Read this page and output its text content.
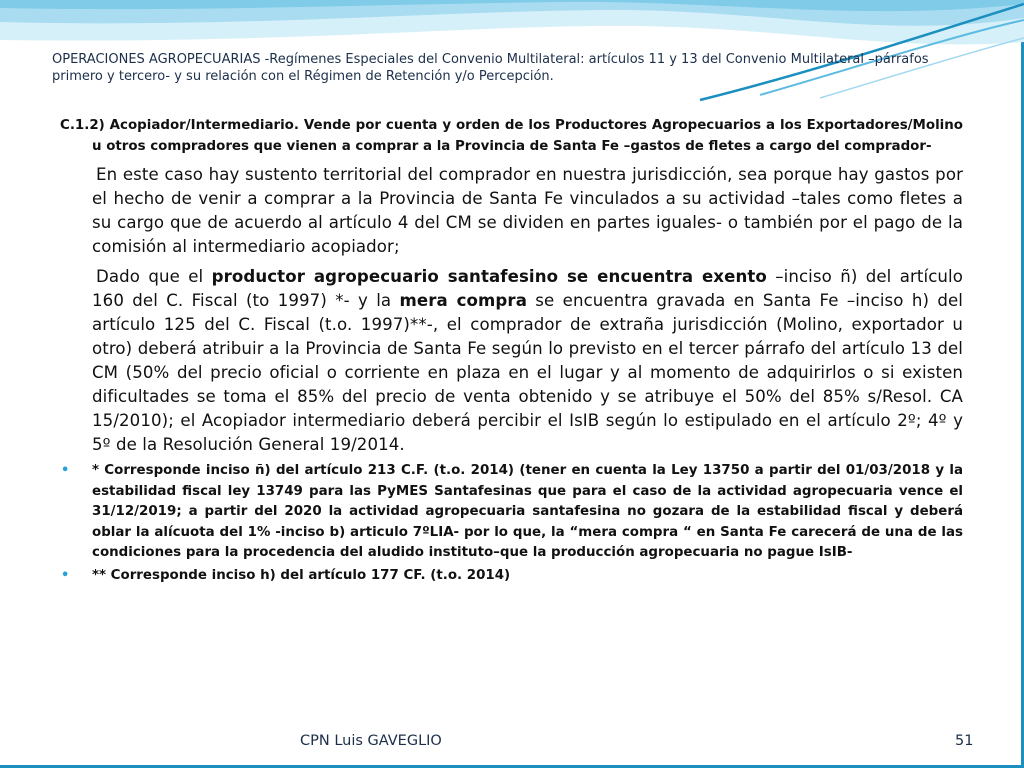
OPERACIONES AGROPECUARIAS -Regímenes Especiales del Convenio Multilateral: artículos 11 y 13 del Convenio Multilateral –párrafos primero y tercero- y su relación con el Régimen de Retención y/o Percepción.

C.1.2) Acopiador/Intermediario. Vende por cuenta y orden de los Productores Agropecuarios a los Exportadores/Molino u otros compradores que vienen a comprar a la Provincia de Santa Fe –gastos de fletes a cargo del comprador-

En este caso hay sustento territorial del comprador en nuestra jurisdicción, sea porque hay gastos por el hecho de venir a comprar a la Provincia de Santa Fe vinculados a su actividad –tales como fletes a su cargo que de acuerdo al artículo 4 del CM se dividen en partes iguales- o también por el pago de la comisión al intermediario acopiador;

Dado que el productor agropecuario santafesino se encuentra exento –inciso ñ) del artículo 160 del C. Fiscal (to 1997) *- y la mera compra se encuentra gravada en Santa Fe –inciso h) del artículo 125 del C. Fiscal (t.o. 1997)**-, el comprador de extraña jurisdicción (Molino, exportador u otro) deberá atribuir a la Provincia de Santa Fe según lo previsto en el tercer párrafo del artículo 13 del CM (50% del precio oficial o corriente en plaza en el lugar y al momento de adquirirlos o si existen dificultades se toma el 85% del precio de venta obtenido y se atribuye el 50% del 85% s/Resol. CA 15/2010); el Acopiador intermediario deberá percibir el IsIB según lo estipulado en el artículo 2º; 4º y 5º de la Resolución General 19/2014.

• * Corresponde inciso ñ) del artículo 213 C.F. (t.o. 2014) (tener en cuenta la Ley 13750 a partir del 01/03/2018 y la estabilidad fiscal ley 13749 para las PyMES Santafesinas que para el caso de la actividad agropecuaria vence el 31/12/2019; a partir del 2020 la actividad agropecuaria santafesina no gozara de la estabilidad fiscal y deberá oblar la alícuota del 1% -inciso b) articulo 7ºLIA- por lo que, la “mera compra “ en Santa Fe carecerá de una de las condiciones para la procedencia del aludido instituto–que la producción agropecuaria no pague IsIB-
• ** Corresponde inciso h) del artículo 177 CF. (t.o. 2014)
CPN Luis GAVEGLIO	51
